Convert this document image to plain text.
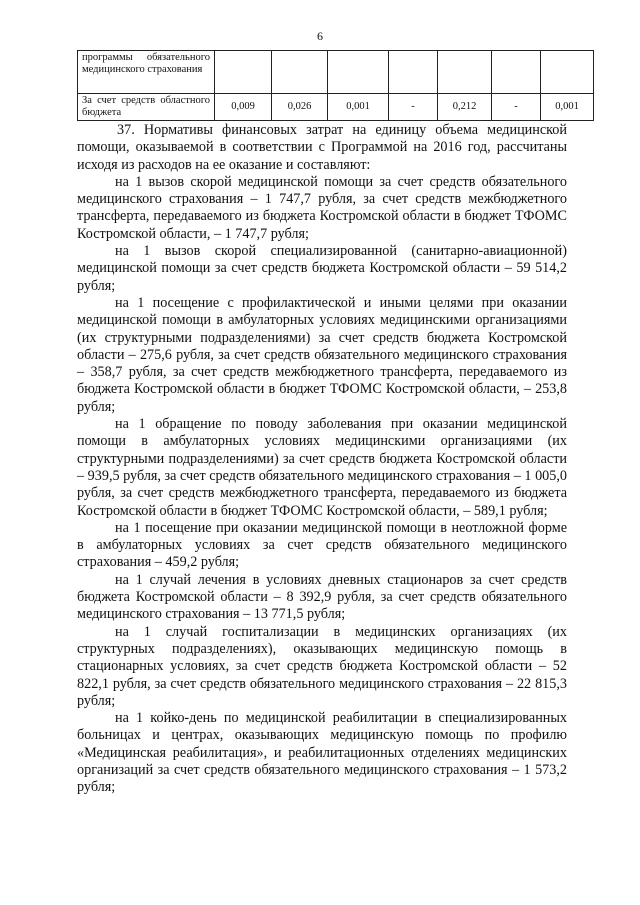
6
программы обязательного медицинского страхования							
За счет средств областного бюджета	0,009	0,026	0,001	-	0,212	-	0,001

37. Нормативы финансовых затрат на единицу объема медицинской помощи, оказываемой в соответствии с Программой на 2016 год, рассчитаны исходя из расходов на ее оказание и составляют:

на 1 вызов скорой медицинской помощи за счет средств обязательного медицинского страхования – 1 747,7 рубля, за счет средств межбюджетного трансферта, передаваемого из бюджета Костромской области в бюджет ТФОМС Костромской области, – 1 747,7 рубля;

на 1 вызов скорой специализированной (санитарно-авиационной) медицинской помощи за счет средств бюджета Костромской области – 59 514,2 рубля;

на 1 посещение с профилактической и иными целями при оказании медицинской помощи в амбулаторных условиях медицинскими организациями (их структурными подразделениями) за счет средств бюджета Костромской области – 275,6 рубля, за счет средств обязательного медицинского страхования – 358,7 рубля, за счет средств межбюджетного трансферта, передаваемого из бюджета Костромской области в бюджет ТФОМС Костромской области, – 253,8 рубля;

на 1 обращение по поводу заболевания при оказании медицинской помощи в амбулаторных условиях медицинскими организациями (их структурными подразделениями) за счет средств бюджета Костромской области – 939,5 рубля, за счет средств обязательного медицинского страхования – 1 005,0 рубля, за счет средств межбюджетного трансферта, передаваемого из бюджета Костромской области в бюджет ТФОМС Костромской области, – 589,1 рубля;

на 1 посещение при оказании медицинской помощи в неотложной форме в амбулаторных условиях за счет средств обязательного медицинского страхования – 459,2 рубля;

на 1 случай лечения в условиях дневных стационаров за счет средств бюджета Костромской области – 8 392,9 рубля, за счет средств обязательного медицинского страхования – 13 771,5 рубля;

на 1 случай госпитализации в медицинских организациях (их структурных подразделениях), оказывающих медицинскую помощь в стационарных условиях, за счет средств бюджета Костромской области – 52 822,1 рубля, за счет средств обязательного медицинского страхования – 22 815,3 рубля;

на 1 койко-день по медицинской реабилитации в специализированных больницах и центрах, оказывающих медицинскую помощь по профилю «Медицинская реабилитация», и реабилитационных отделениях медицинских организаций за счет средств обязательного медицинского страхования – 1 573,2 рубля;
